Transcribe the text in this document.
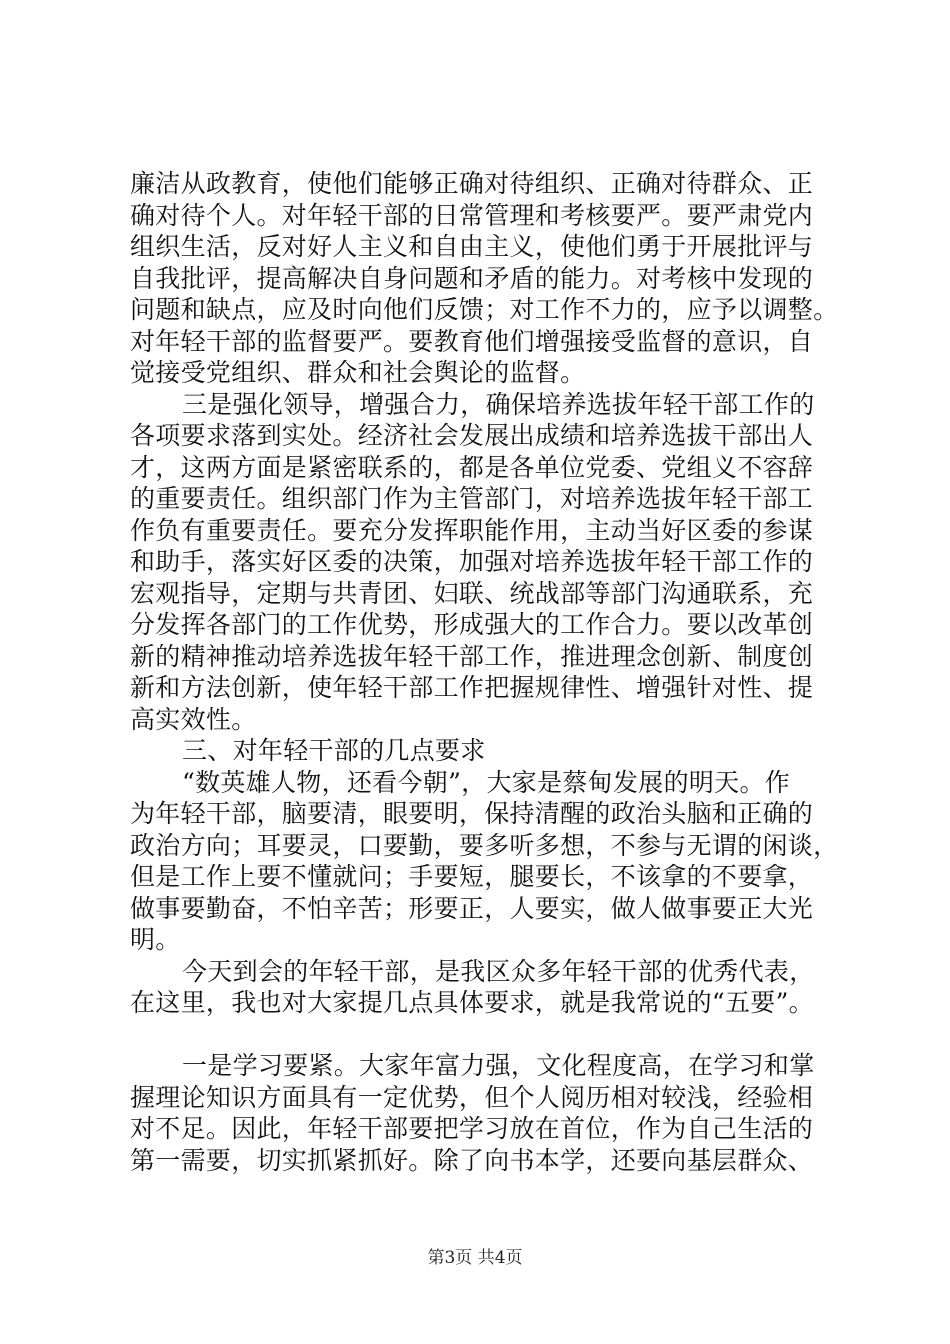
廉洁从政教育，使他们能够正确对待组织、正确对待群众、正
确对待个人。对年轻干部的日常管理和考核要严。要严肃党内
组织生活，反对好人主义和自由主义，使他们勇于开展批评与
自我批评，提高解决自身问题和矛盾的能力。对考核中发现的
问题和缺点，应及时向他们反馈；对工作不力的，应予以调整。
对年轻干部的监督要严。要教育他们增强接受监督的意识，自
觉接受党组织、群众和社会舆论的监督。
三是强化领导，增强合力，确保培养选拔年轻干部工作的
各项要求落到实处。经济社会发展出成绩和培养选拔干部出人
才，这两方面是紧密联系的，都是各单位党委、党组义不容辞
的重要责任。组织部门作为主管部门，对培养选拔年轻干部工
作负有重要责任。要充分发挥职能作用，主动当好区委的参谋
和助手，落实好区委的决策，加强对培养选拔年轻干部工作的
宏观指导，定期与共青团、妇联、统战部等部门沟通联系，充
分发挥各部门的工作优势，形成强大的工作合力。要以改革创
新的精神推动培养选拔年轻干部工作，推进理念创新、制度创
新和方法创新，使年轻干部工作把握规律性、增强针对性、提
高实效性。
三、对年轻干部的几点要求
“数英雄人物，还看今朝”，大家是蔡甸发展的明天。作
为年轻干部，脑要清，眼要明，保持清醒的政治头脑和正确的
政治方向；耳要灵，口要勤，要多听多想，不参与无谓的闲谈，
但是工作上要不懂就问；手要短，腿要长，不该拿的不要拿，
做事要勤奋，不怕辛苦；形要正，人要实，做人做事要正大光
明。
今天到会的年轻干部，是我区众多年轻干部的优秀代表，
在这里，我也对大家提几点具体要求，就是我常说的“五要”。
一是学习要紧。大家年富力强，文化程度高，在学习和掌
握理论知识方面具有一定优势，但个人阅历相对较浅，经验相
对不足。因此，年轻干部要把学习放在首位，作为自己生活的
第一需要，切实抓紧抓好。除了向书本学，还要向基层群众、
第3页 共4页
